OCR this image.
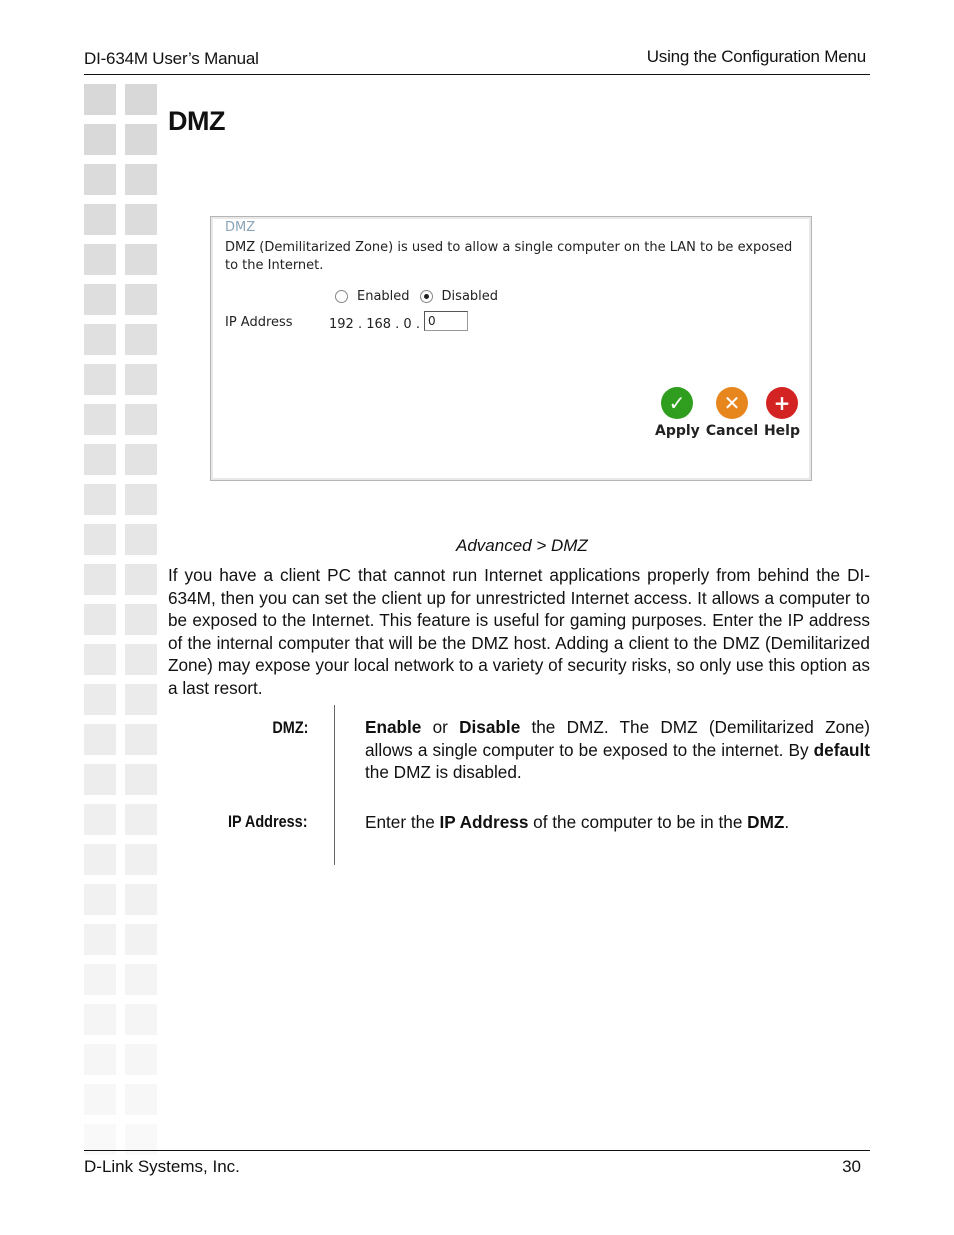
DI-634M User’s Manual	Using the Configuration Menu
DMZ
DMZ
DMZ (Demilitarized Zone) is used to allow a single computer on the LAN to be exposed to the Internet.
Enabled Disabled
IP Address	192 . 168 . 0 . 0
✓
Apply
✕
Cancel
+
Help
Advanced > DMZ
If you have a client PC that cannot run Internet applications properly from behind the DI-634M, then you can set the client up for unrestricted Internet access. It allows a computer to be exposed to the Internet. This feature is useful for gaming purposes. Enter the IP address of the internal computer that will be the DMZ host. Adding a client to the DMZ (Demilitarized Zone) may expose your local network to a variety of security risks, so only use this option as a last resort.
DMZ:	Enable or Disable the DMZ. The DMZ (Demilitarized Zone) allows a single computer to be exposed to the internet. By default the DMZ is disabled.
IP Address:	Enter the IP Address of the computer to be in the DMZ.
D-Link Systems, Inc.	30
